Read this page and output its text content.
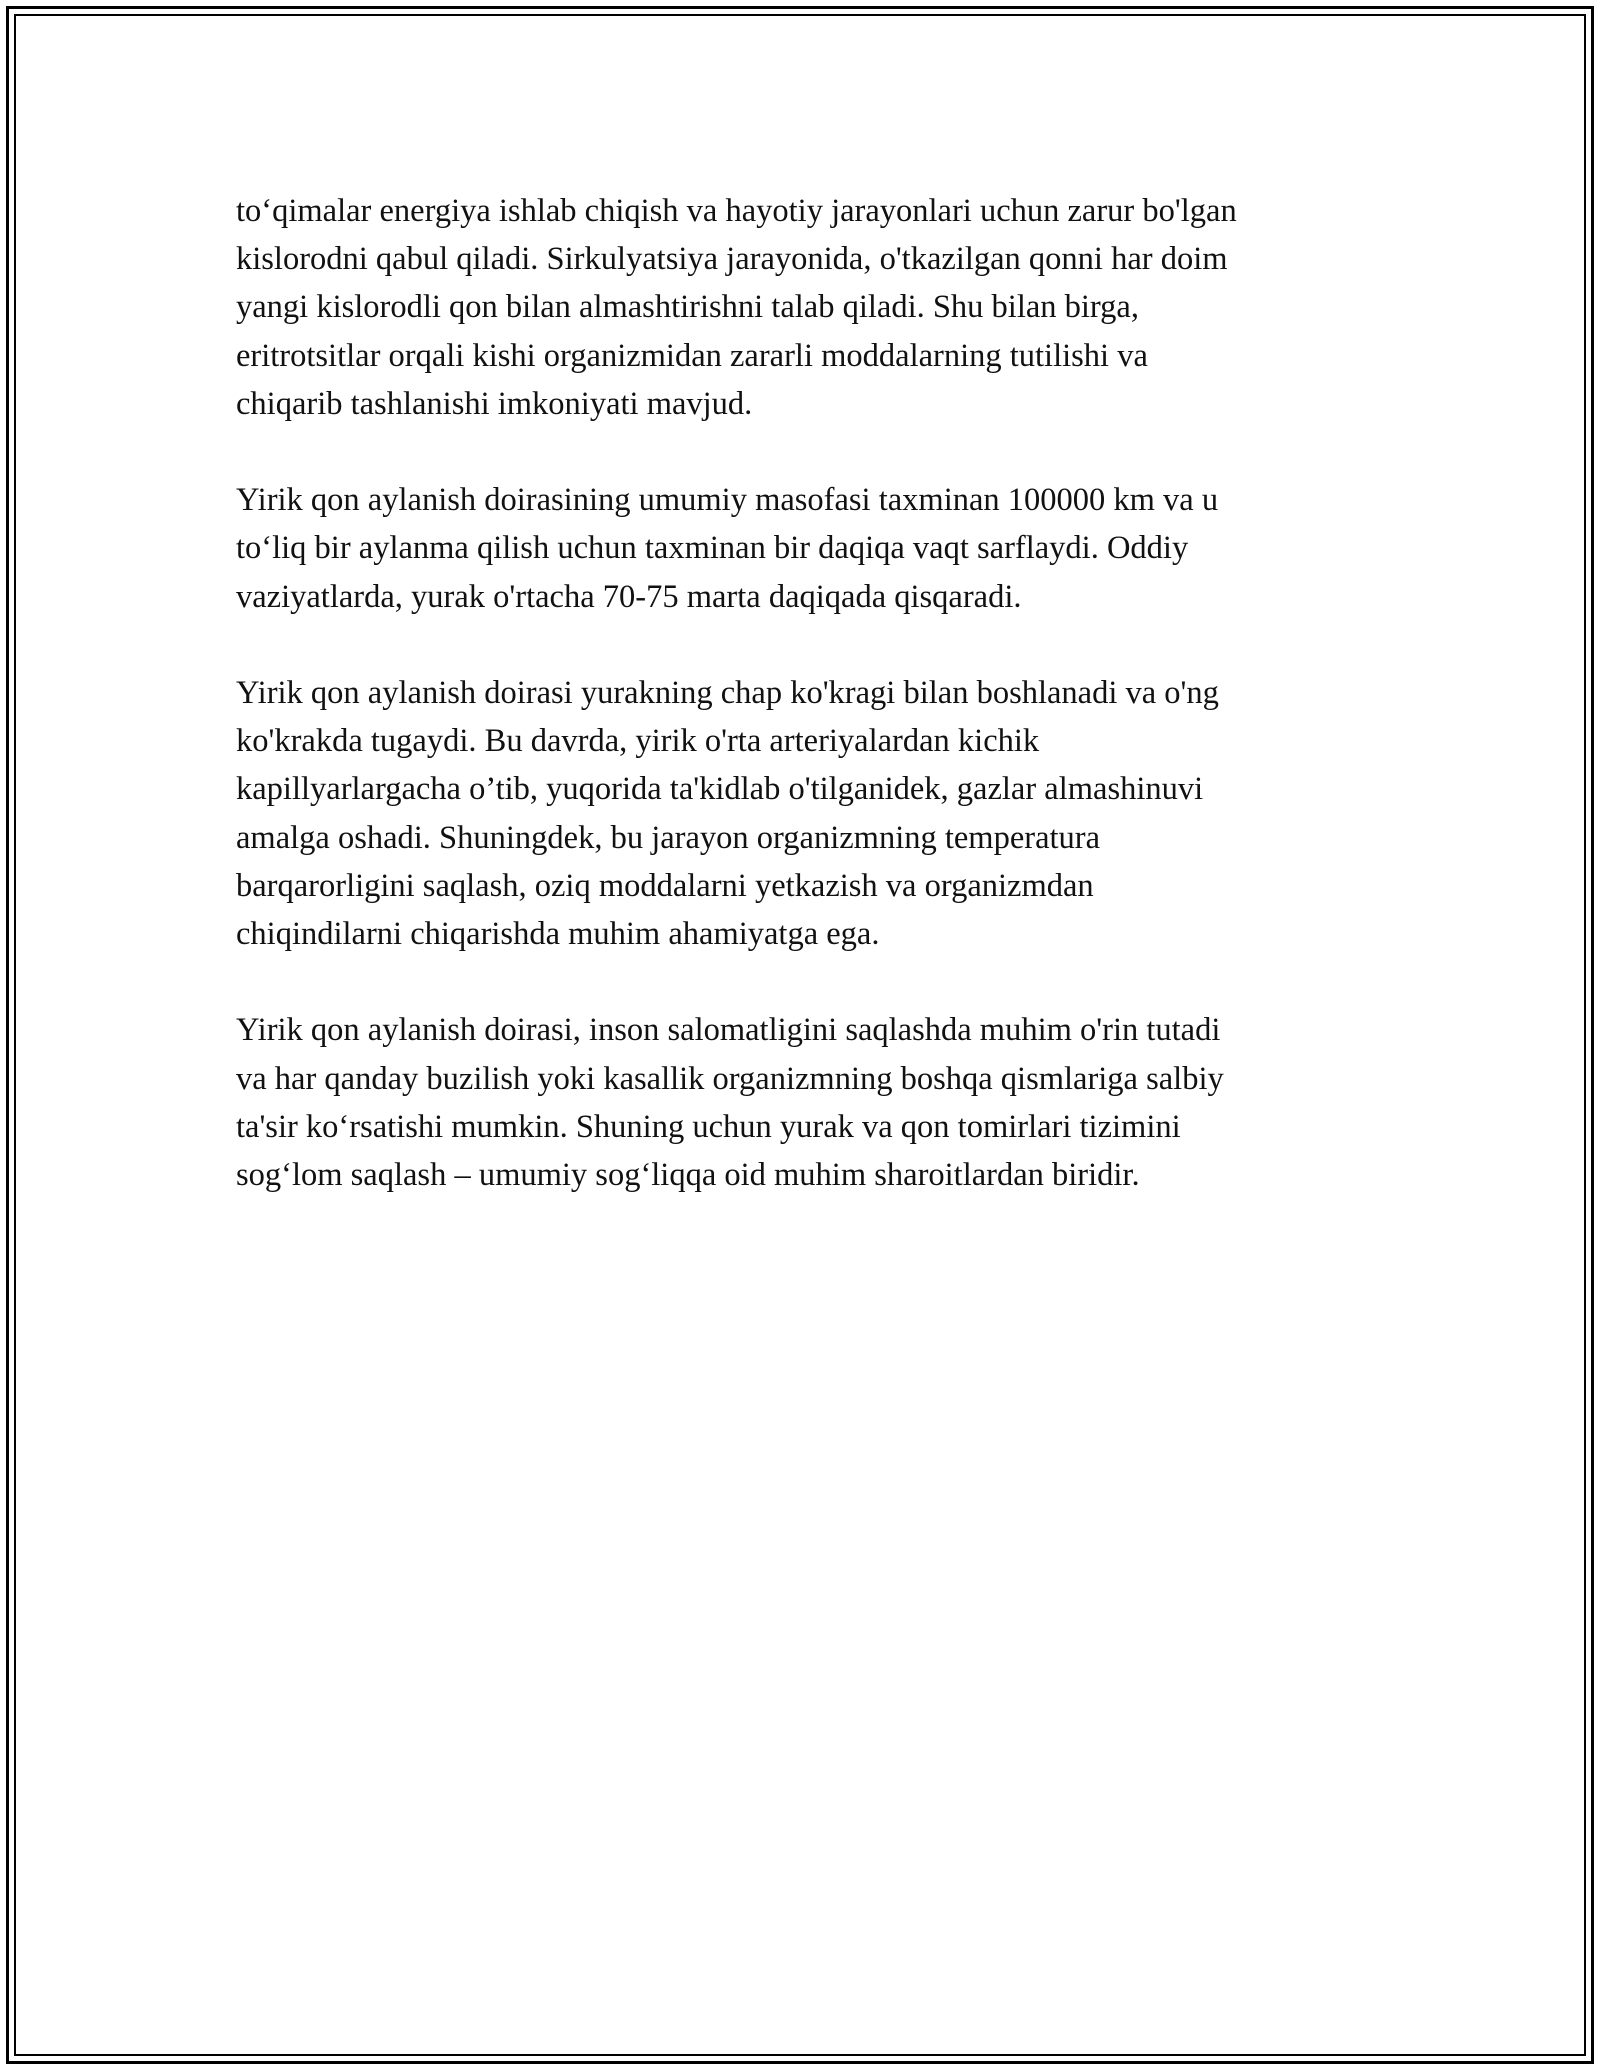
to‘qimalar energiya ishlab chiqish va hayotiy jarayonlari uchun zarur bo'lgan
kislorodni qabul qiladi. Sirkulyatsiya jarayonida, o'tkazilgan qonni har doim
yangi kislorodli qon bilan almashtirishni talab qiladi. Shu bilan birga,
eritrotsitlar orqali kishi organizmidan zararli moddalarning tutilishi va
chiqarib tashlanishi imkoniyati mavjud.

Yirik qon aylanish doirasining umumiy masofasi taxminan 100000 km va u
to‘liq bir aylanma qilish uchun taxminan bir daqiqa vaqt sarflaydi. Oddiy
vaziyatlarda, yurak o'rtacha 70-75 marta daqiqada qisqaradi.

Yirik qon aylanish doirasi yurakning chap ko'kragi bilan boshlanadi va o'ng
ko'krakda tugaydi. Bu davrda, yirik o'rta arteriyalardan kichik
kapillyarlargacha o’tib, yuqorida ta'kidlab o'tilganidek, gazlar almashinuvi
amalga oshadi. Shuningdek, bu jarayon organizmning temperatura
barqarorligini saqlash, oziq moddalarni yetkazish va organizmdan
chiqindilarni chiqarishda muhim ahamiyatga ega.

Yirik qon aylanish doirasi, inson salomatligini saqlashda muhim o'rin tutadi
va har qanday buzilish yoki kasallik organizmning boshqa qismlariga salbiy
ta'sir ko‘rsatishi mumkin. Shuning uchun yurak va qon tomirlari tizimini
sog‘lom saqlash – umumiy sog‘liqqa oid muhim sharoitlardan biridir.
